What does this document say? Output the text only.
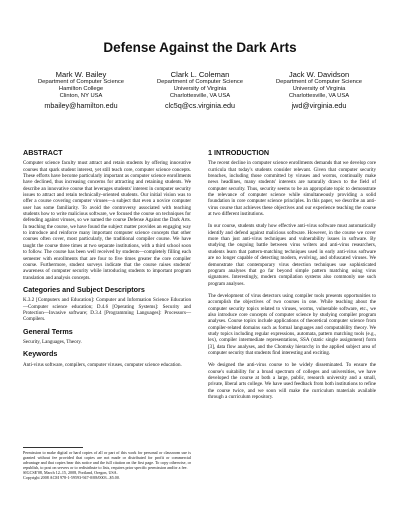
Defense Against the Dark Arts
Mark W. Bailey
Department of Computer Science
Hamilton College
Clinton, NY USA
mbailey@hamilton.edu
Clark L. Coleman
Department of Computer Science
University of Virginia
Charlottesville, VA USA
clc5q@cs.virginia.edu
Jack W. Davidson
Department of Computer Science
University of Virginia
Charlottesville, VA USA
jwd@virginia.edu
ABSTRACT

Computer science faculty must attract and retain students by offering innovative courses that spark student interest, yet still teach core, computer science concepts. These efforts have become particularly important as computer science enrollments have declined, thus increasing concerns for attracting and retaining students. We describe an innovative course that leverages students' interest in computer security issues to attract and retain technically-oriented students. Our initial vision was to offer a course covering computer viruses—a subject that even a novice computer user has some familiarity. To avoid the controversy associated with teaching students how to write malicious software, we focused the course on techniques for defending against viruses, so we named the course Defense Against the Dark Arts. In teaching the course, we have found the subject matter provides an engaging way to introduce and reinforce many important computer science concepts that other courses often cover, most particularly, the traditional compiler course. We have taught the course three times at two separate institutions, with a third school soon to follow. The course has been well received by students—completely filling each semester with enrollments that are four to five times greater the core compiler course. Furthermore, student surveys indicate that the course raises students' awareness of computer security while introducing students to important program translation and analysis concepts.

Categories and Subject Descriptors

K.3.2 [Computers and Education]: Computer and Information Science Education—Computer science education; D.4.6 [Operating Systems]: Security and Protection—Invasive software; D.3.4 [Programming Languages]: Processors—Compilers.

General Terms

Security, Languages, Theory.

Keywords

Anti-virus software, compilers, computer viruses, computer science education.

Permission to make digital or hard copies of all or part of this work for personal or classroom use is granted without fee provided that copies are not made or distributed for profit or commercial advantage and that copies bear this notice and the full citation on the first page. To copy otherwise, or republish, to post on servers or to redistribute to lists, requires prior specific permission and/or a fee.
SIGCSE'08, March 12–15, 2008, Portland, Oregon, USA.
Copyright 2008 ACM 978-1-59593-947-0/08/0003...$5.00.
1 INTRODUCTION

The recent decline in computer science enrollments demands that we develop core curricula that today's students consider relevant. Given that computer security breaches, including those committed by viruses and worms, continually make news headlines, many students' interests are naturally drawn to the field of computer security. Thus, security seems to be an appropriate topic to demonstrate the relevance of computer science while simultaneously providing a solid foundation in core computer science principles. In this paper, we describe an anti-virus course that achieves these objectives and our experience teaching the course at two different institutions.

In our course, students study how effective anti-virus software must automatically identify and defend against malicious software. However, in the course we cover more than just anti-virus techniques and vulnerability issues in software. By studying the ongoing battle between virus writers and anti-virus researchers, students learn that pattern-matching techniques used in early anti-virus software are no longer capable of detecting modern, evolving, and obfuscated viruses. We demonstrate that contemporary virus detection techniques use sophisticated program analyses that go far beyond simple pattern matching using virus signatures. Interestingly, modern compilation systems also commonly use such program analyses.

The development of virus detectors using compiler tools presents opportunities to accomplish the objectives of two courses in one. While teaching about the computer security topics related to viruses, worms, vulnerable software, etc., we also introduce core concepts of computer science by studying compiler program analyses. Course topics include applications of theoretical computer science from compiler-related domains such as formal languages and computability theory. We study topics including regular expressions, automata, pattern matching tools (e.g., lex), compiler intermediate representations, SSA (static single assignment) form [3], data flow analyses, and the Chomsky hierarchy in the applied subject area of computer security that students find interesting and exciting.

We designed the anti-virus course to be widely disseminated. To ensure the course's suitability for a broad spectrum of colleges and universities, we have developed the course at both a large, public, research university and a small, private, liberal arts college. We have used feedback from both institutions to refine the course twice, and we soon will make the curriculum materials available through a curriculum repository.
